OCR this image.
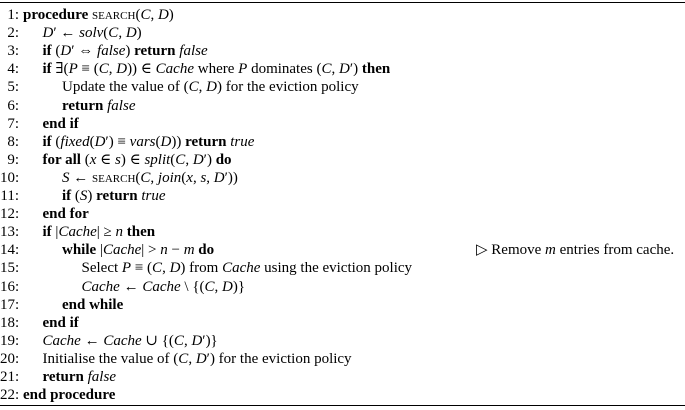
1: procedure search(C, D)
2: D′ ← solv(C, D)
3: if (D′ ⇔ false) return false
4: if ∃(P ≡ (C, D)) ∈ Cache where P dominates (C, D′) then
5:	Update the value of (C, D) for the eviction policy
6:	return false
7: end if
8: if (fixed(D′) ≡ vars(D)) return true
9: for all (x ∈ s) ∈ split(C, D′) do
10:	S ← search(C, join(x, s, D′))
11:	if (S) return true
12: end for
13: if |Cache| ≥ n then
14:	while |Cache| > n − m do	▷ Remove m entries from cache.
15:	Select P ≡ (C, D) from Cache using the eviction policy
16:	Cache ← Cache \ {(C, D)}
17:	end while
18: end if
19: Cache ← Cache ∪ {(C, D′)}
20: Initialise the value of (C, D′) for the eviction policy
21: return false
22: end procedure
